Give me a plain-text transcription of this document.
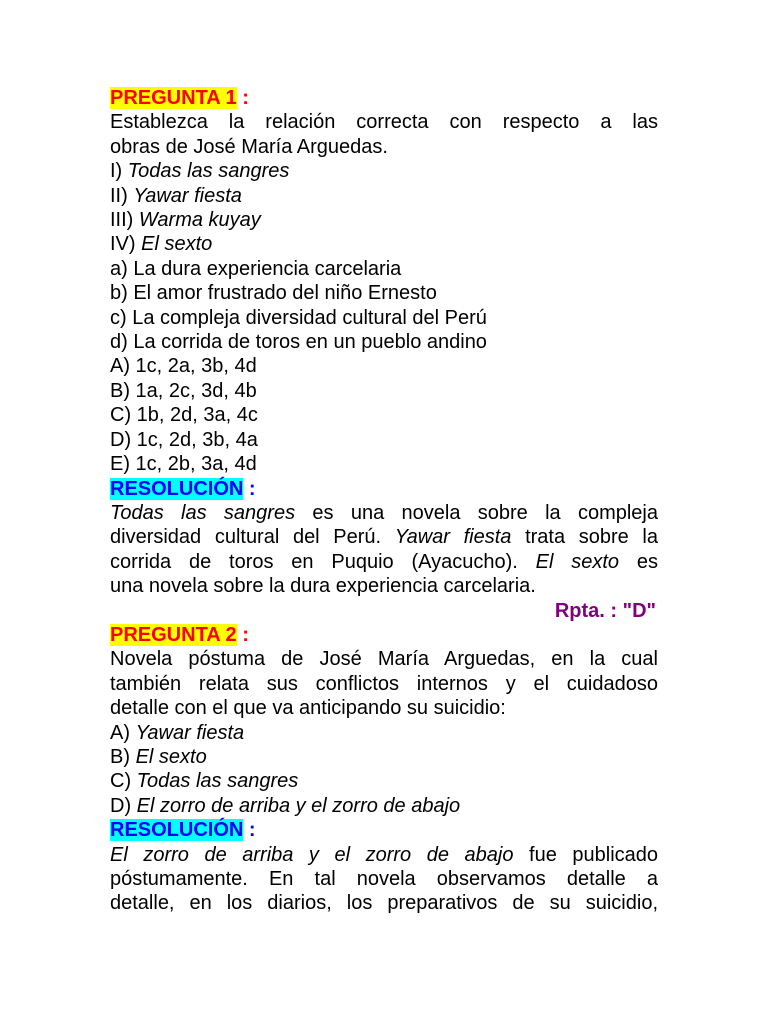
PREGUNTA 1 :
Establezca la relación correcta con respecto a las
obras de José María Arguedas.
I) Todas las sangres
II) Yawar fiesta
III) Warma kuyay
IV) El sexto
a) La dura experiencia carcelaria
b) El amor frustrado del niño Ernesto
c) La compleja diversidad cultural del Perú
d) La corrida de toros en un pueblo andino
A) 1c, 2a, 3b, 4d
B) 1a, 2c, 3d, 4b
C) 1b, 2d, 3a, 4c
D) 1c, 2d, 3b, 4a
E) 1c, 2b, 3a, 4d
RESOLUCIÓN :
Todas las sangres es una novela sobre la compleja
diversidad cultural del Perú. Yawar fiesta trata sobre la
corrida de toros en Puquio (Ayacucho). El sexto es
una novela sobre la dura experiencia carcelaria.
Rpta. : "D"
PREGUNTA 2 :
Novela póstuma de José María Arguedas, en la cual
también relata sus conflictos internos y el cuidadoso
detalle con el que va anticipando su suicidio:
A) Yawar fiesta
B) El sexto
C) Todas las sangres
D) El zorro de arriba y el zorro de abajo
RESOLUCIÓN :
El zorro de arriba y el zorro de abajo fue publicado
póstumamente. En tal novela observamos detalle a
detalle, en los diarios, los preparativos de su suicidio,
